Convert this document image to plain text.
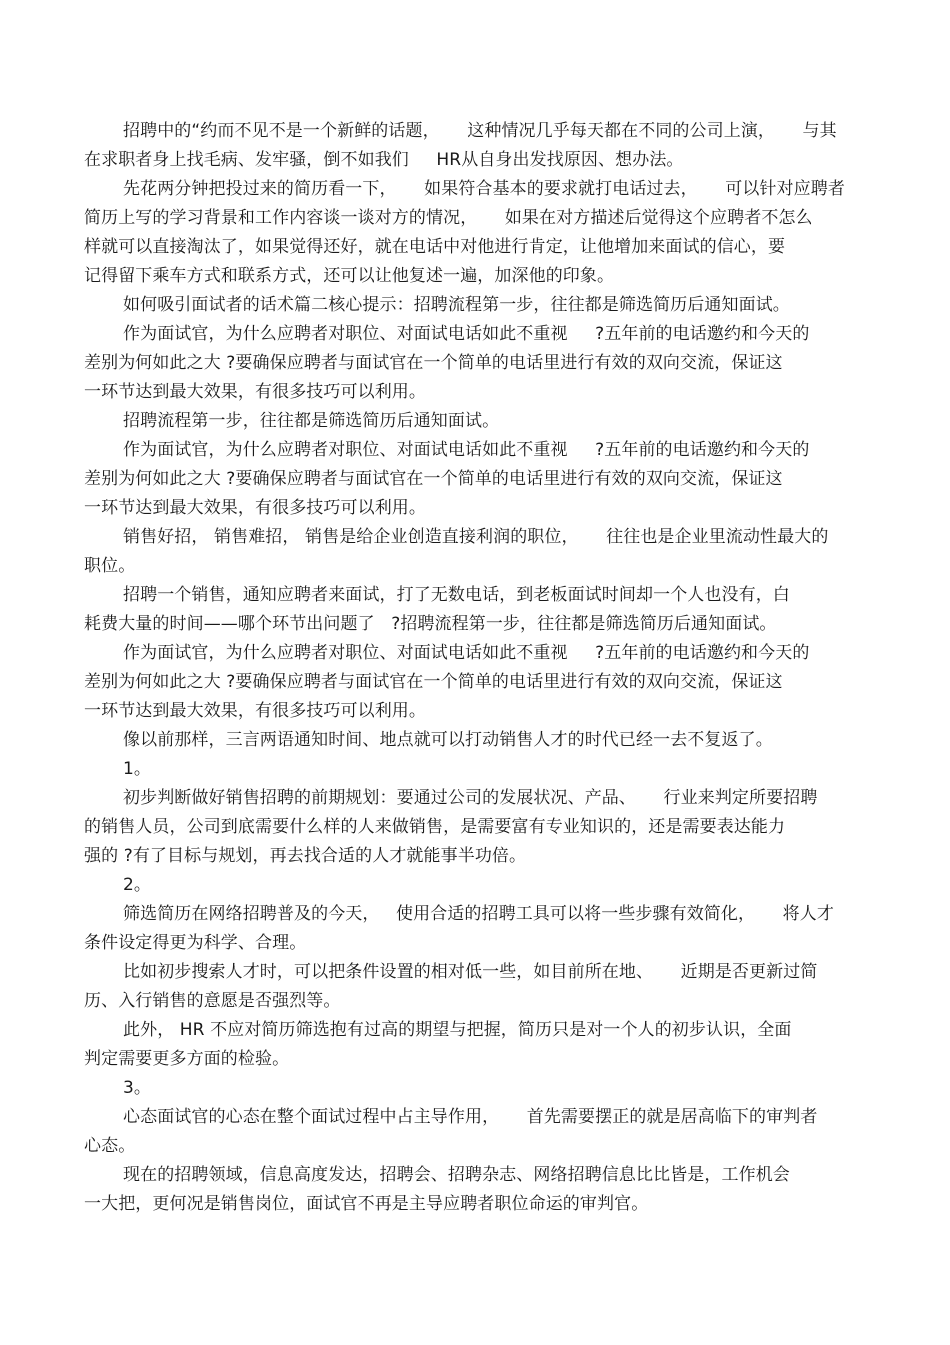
招聘中的“约而不见不是一个新鲜的话题，     这种情况几乎每天都在不同的公司上演，     与其
在求职者身上找毛病、发牢骚，倒不如我们     HR从自身出发找原因、想办法。
先花两分钟把投过来的简历看一下，     如果符合基本的要求就打电话过去，     可以针对应聘者
简历上写的学习背景和工作内容谈一谈对方的情况，     如果在对方描述后觉得这个应聘者不怎么
样就可以直接淘汰了，如果觉得还好，就在电话中对他进行肯定，让他增加来面试的信心，要
记得留下乘车方式和联系方式，还可以让他复述一遍，加深他的印象。
如何吸引面试者的话术篇二核心提示：招聘流程第一步，往往都是筛选简历后通知面试。
作为面试官，为什么应聘者对职位、对面试电话如此不重视     ?五年前的电话邀约和今天的
差别为何如此之大 ?要确保应聘者与面试官在一个简单的电话里进行有效的双向交流，保证这
一环节达到最大效果，有很多技巧可以利用。
招聘流程第一步，往往都是筛选简历后通知面试。
作为面试官，为什么应聘者对职位、对面试电话如此不重视     ?五年前的电话邀约和今天的
差别为何如此之大 ?要确保应聘者与面试官在一个简单的电话里进行有效的双向交流，保证这
一环节达到最大效果，有很多技巧可以利用。
销售好招， 销售难招， 销售是给企业创造直接利润的职位，     往往也是企业里流动性最大的
职位。
招聘一个销售，通知应聘者来面试，打了无数电话，到老板面试时间却一个人也没有，白
耗费大量的时间——哪个环节出问题了   ?招聘流程第一步，往往都是筛选简历后通知面试。
作为面试官，为什么应聘者对职位、对面试电话如此不重视     ?五年前的电话邀约和今天的
差别为何如此之大 ?要确保应聘者与面试官在一个简单的电话里进行有效的双向交流，保证这
一环节达到最大效果，有很多技巧可以利用。
像以前那样，三言两语通知时间、地点就可以打动销售人才的时代已经一去不复返了。
1。
初步判断做好销售招聘的前期规划：要通过公司的发展状况、产品、     行业来判定所要招聘
的销售人员，公司到底需要什么样的人来做销售，是需要富有专业知识的，还是需要表达能力
强的 ?有了目标与规划，再去找合适的人才就能事半功倍。
2。
筛选简历在网络招聘普及的今天，   使用合适的招聘工具可以将一些步骤有效简化，     将人才
条件设定得更为科学、合理。
比如初步搜索人才时，可以把条件设置的相对低一些，如目前所在地、     近期是否更新过简
历、入行销售的意愿是否强烈等。
此外， HR 不应对简历筛选抱有过高的期望与把握，简历只是对一个人的初步认识，全面
判定需要更多方面的检验。
3。
心态面试官的心态在整个面试过程中占主导作用，     首先需要摆正的就是居高临下的审判者
心态。
现在的招聘领域，信息高度发达，招聘会、招聘杂志、网络招聘信息比比皆是，工作机会
一大把，更何况是销售岗位，面试官不再是主导应聘者职位命运的审判官。
